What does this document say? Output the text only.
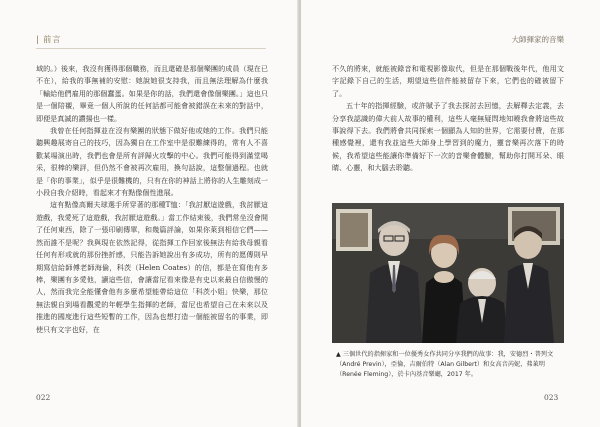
| 前言

域的。）後來，我沒有獲得那個職務，而且還確是那個樂團的成員（現在已不在），給我的事無補的安慰：她說她很支持我，而且無法理解為什麼我「輸給他們雇用的那個蠢蛋。如果是你的話，我們還會像個樂團。」這也只是一個陪襯，畢竟一個人所說的任何話都可能會被錯誤在未來的對話中，即便是真誠的讚揚也一樣。

我曾在任何指揮並在沒有樂團的狀態下做好他或她的工作。我們只能聽興趣展寄自己的技巧，因為獨自在工作室中是很難練得的，常有人不喜歡某場演出時，我們也會是所有評歸火攻擊的中心。我們可能得到滿堂喝采，很棒的樂評，但仍然不會被再次雇用，換句話說，這整個過程。也就是「你的事業」，似乎是很難機的，只有在你的神話上將你的人生雕刻成一小段自我介紹時，看起來才有點像個性進展。

這有點像高爾夫球選手所穿著的那種T恤：「我討厭這遊戲，我討厭這遊戲，我愛死了這遊戲，我討厭這遊戲。」當工作結束後，我們常坐沒會開了任何東西，除了一張印刷傳單，和幾篇評論，如果你萊到相信它們——然而誰不是呢？我與現在依然記得，從指揮工作回家後無法有給我母親看任何有形或就的那份挫折感，只能告訴她說出有多成功，所有的愿傳則早期寫信給師傅老師海倫，科茨（Helen Coates）的信，都是在寫他有多棒，樂團有多愛他，讀這些信，會讓當尼看來像是有史以來最自信傲慢的人，然而我完全能懂會他有多麼希望能帶給這位「科茨小姐」快樂，那位無法親自到場看觀愛的年輕學生指揮的老師，當尼也希望自己在未來以及推進的國度進行這些短暫的工作，因為也想打造一個能被留名的事業，即使只有文字也好，在

022
大師揮家的音樂

不久的將來，就能被錄音和電視影像取代，但是在那個戰後年代，他用文字記錄下自己的生活，期望這些信件能被留存下來，它們也的確被留下了。

五十年的指揮經驗，或許賦予了我去探討去回憶，去解釋去定義，去分享我認識的偉大前人故事的權利，這些人毫無疑問地知曉我會將這些故事說得下去。我們將會共同探索一個顯為人知的世界，它需要付費，在那種感覺裡，還有我並這些大師身上學習到的魔力，靈音樂再次落下的時候，我希望這些能讓你準備好下一次的音樂會體驗，幫助你打開耳朵、眼睛、心靈，和大腦去聆聽。

▲ 三個世代的指揮家和一位優秀女作共同分享我們的故事：我，安德烈・普列文（André Previn），亞倫，吉爾伯特（Alan Gilbert）和女高音芮妮，弗萊明（Renée Fleming），於卡內基音樂廳，2017 年。
023
